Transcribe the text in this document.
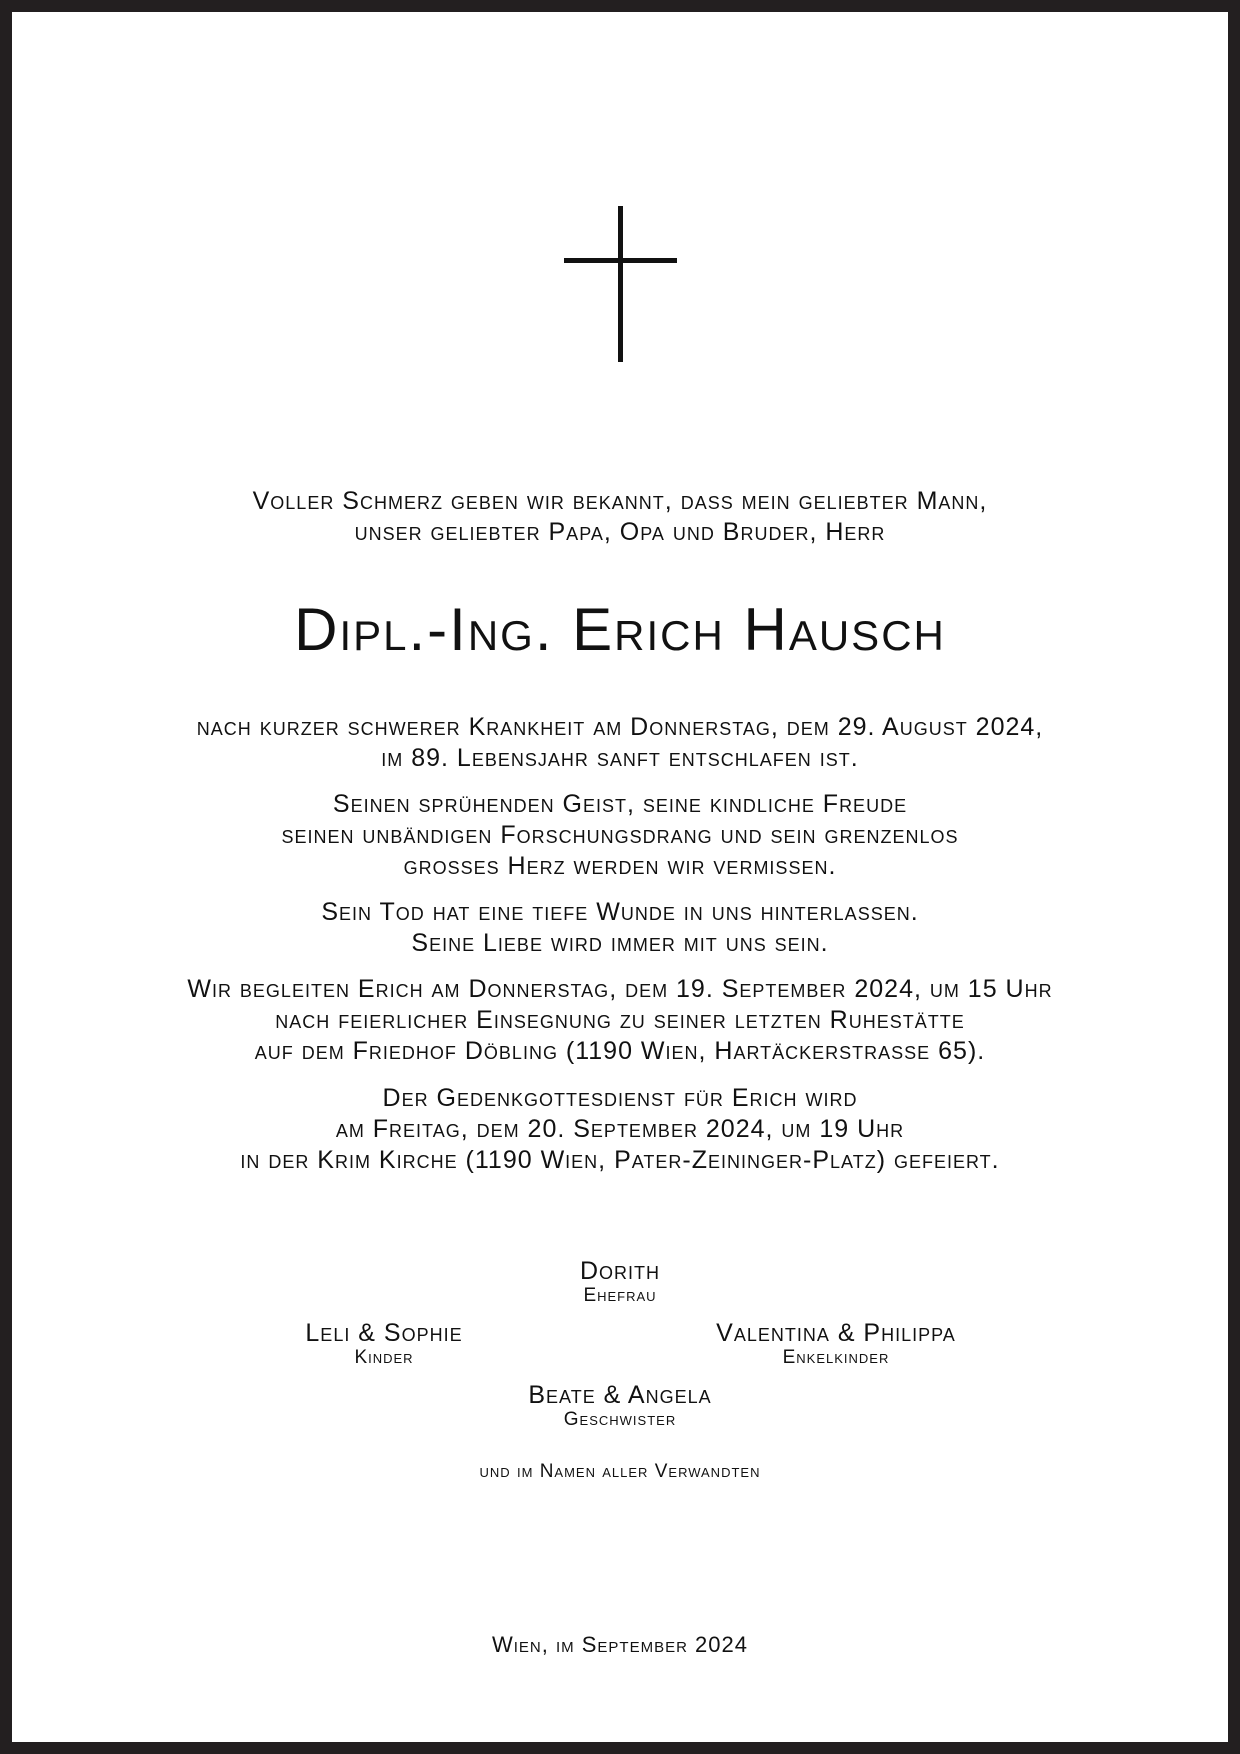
Voller Schmerz geben wir bekannt, dass mein geliebter Mann,
unser geliebter Papa, Opa und Bruder, Herr
Dipl.-Ing. Erich Hausch
nach kurzer schwerer Krankheit am Donnerstag, dem 29. August 2024,
im 89. Lebensjahr sanft entschlafen ist.
Seinen sprühenden Geist, seine kindliche Freude
seinen unbändigen Forschungsdrang und sein grenzenlos
grosses Herz werden wir vermissen.
Sein Tod hat eine tiefe Wunde in uns hinterlassen.
Seine Liebe wird immer mit uns sein.
Wir begleiten Erich am Donnerstag, dem 19. September 2024, um 15 Uhr
nach feierlicher Einsegnung zu seiner letzten Ruhestätte
auf dem Friedhof Döbling (1190 Wien, Hartäckerstrasse 65).
Der Gedenkgottesdienst für Erich wird
am Freitag, dem 20. September 2024, um 19 Uhr
in der Krim Kirche (1190 Wien, Pater-Zeininger-Platz) gefeiert.
Dorith
Ehefrau
Leli & Sophie
Kinder
Valentina & Philippa
Enkelkinder
Beate & Angela
Geschwister
und im Namen aller Verwandten
Wien, im September 2024
